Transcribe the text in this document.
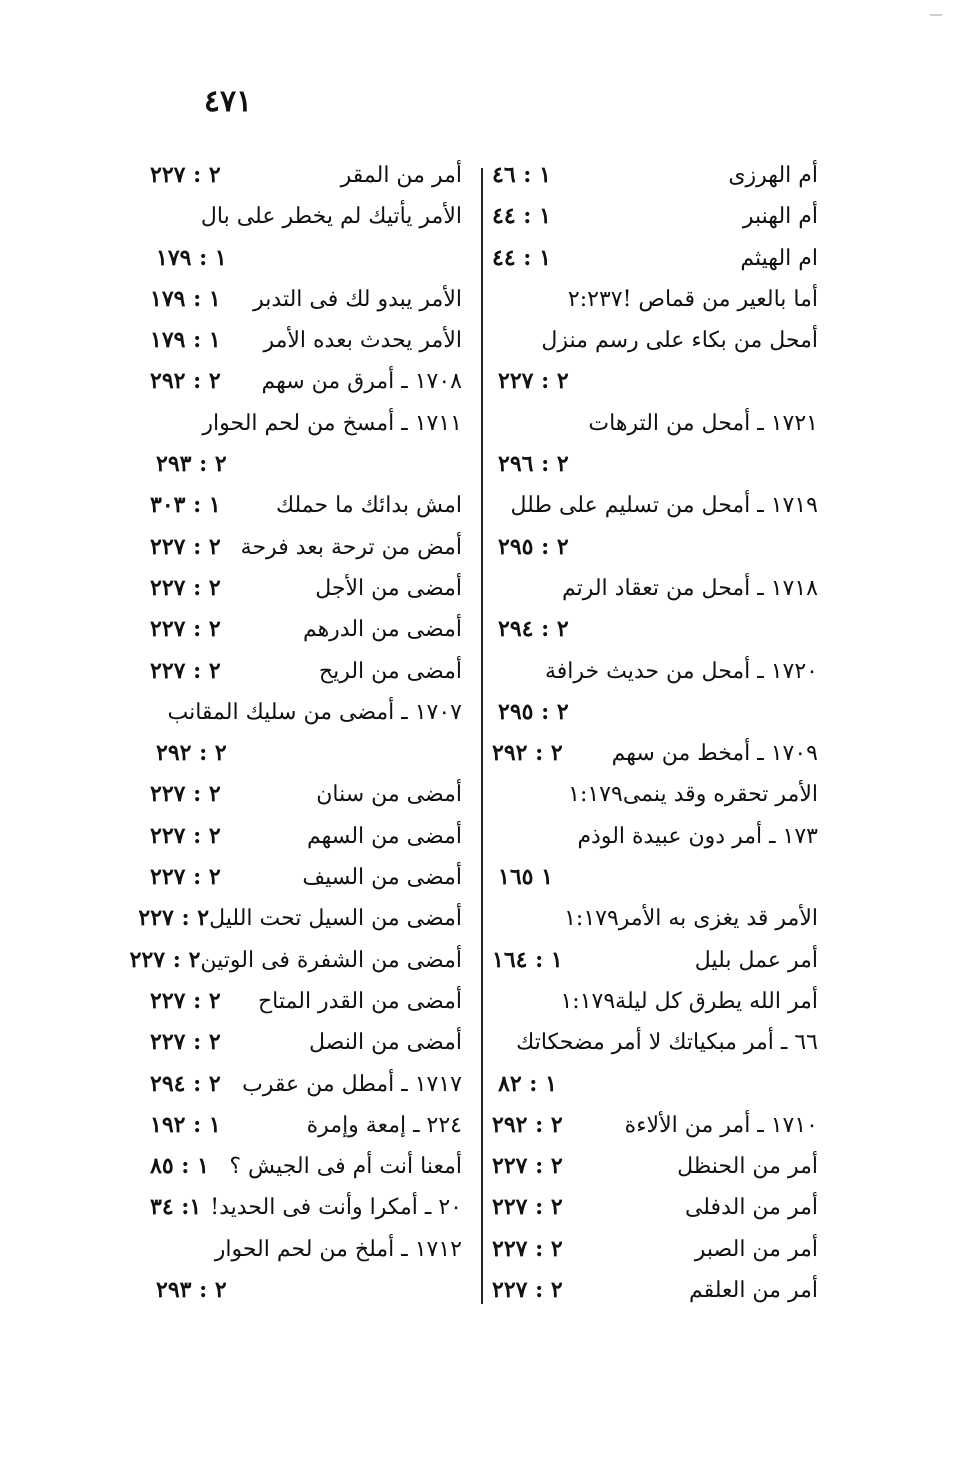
٤٧١
أم الهرزى
١ : ٤٦
أم الهنبر
١ : ٤٤
ام الهيثم
١ : ٤٤
أما بالعير من قماص !٢:٢٣٧
أمحل من بكاء على رسم منزل
٢ : ٢٢٧
١٧٢١ ـ أمحل من الترهات
٢ : ٢٩٦
١٧١٩ ـ أمحل من تسليم على طلل
٢ : ٢٩٥
١٧١٨ ـ أمحل من تعقاد الرتم
٢ : ٢٩٤
١٧٢٠ ـ أمحل من حديث خرافة
٢ : ٢٩٥
١٧٠٩ ـ أمخط من سهم
٢ : ٢٩٢
الأمر تحقره وقد ينمى١:١٧٩
١٧٣ ـ أمر دون عبيدة الوذم
١ ١٦٥
الأمر قد يغزى به الأمر١:١٧٩
أمر عمل بليل
١ : ١٦٤
أمر الله يطرق كل ليلة١:١٧٩
٦٦ ـ أمر مبكياتك لا أمر مضحكاتك
١ : ٨٢
١٧١٠ ـ أمر من الألاءة
٢ : ٢٩٢
أمر من الحنظل
٢ : ٢٢٧
أمر من الدفلى
٢ : ٢٢٧
أمر من الصبر
٢ : ٢٢٧
أمر من العلقم
٢ : ٢٢٧
أمر من المقر
٢ : ٢٢٧
الأمر يأتيك لم يخطر على بال
١ : ١٧٩
الأمر يبدو لك فى التدبر
١ : ١٧٩
الأمر يحدث بعده الأمر
١ : ١٧٩
١٧٠٨ ـ أمرق من سهم
٢ : ٢٩٢
١٧١١ ـ أمسخ من لحم الحوار
٢ : ٢٩٣
امش بدائك ما حملك
١ : ٣٠٣
أمض من ترحة بعد فرحة
٢ : ٢٢٧
أمضى من الأجل
٢ : ٢٢٧
أمضى من الدرهم
٢ : ٢٢٧
أمضى من الريح
٢ : ٢٢٧
١٧٠٧ ـ أمضى من سليك المقانب
٢ : ٢٩٢
أمضى من سنان
٢ : ٢٢٧
أمضى من السهم
٢ : ٢٢٧
أمضى من السيف
٢ : ٢٢٧
أمضى من السيل تحت الليل
٢ : ٢٢٧
أمضى من الشفرة فى الوتين
٢ : ٢٢٧
أمضى من القدر المتاح
٢ : ٢٢٧
أمضى من النصل
٢ : ٢٢٧
١٧١٧ ـ أمطل من عقرب
٢ : ٢٩٤
٢٢٤ ـ إمعة وإمرة
١ : ١٩٢
أمعنا أنت أم فى الجيش ؟
١ : ٨٥
٢٠ ـ أمكرا وأنت فى الحديد!
١: ٣٤
١٧١٢ ـ أملخ من لحم الحوار
٢ : ٢٩٣
